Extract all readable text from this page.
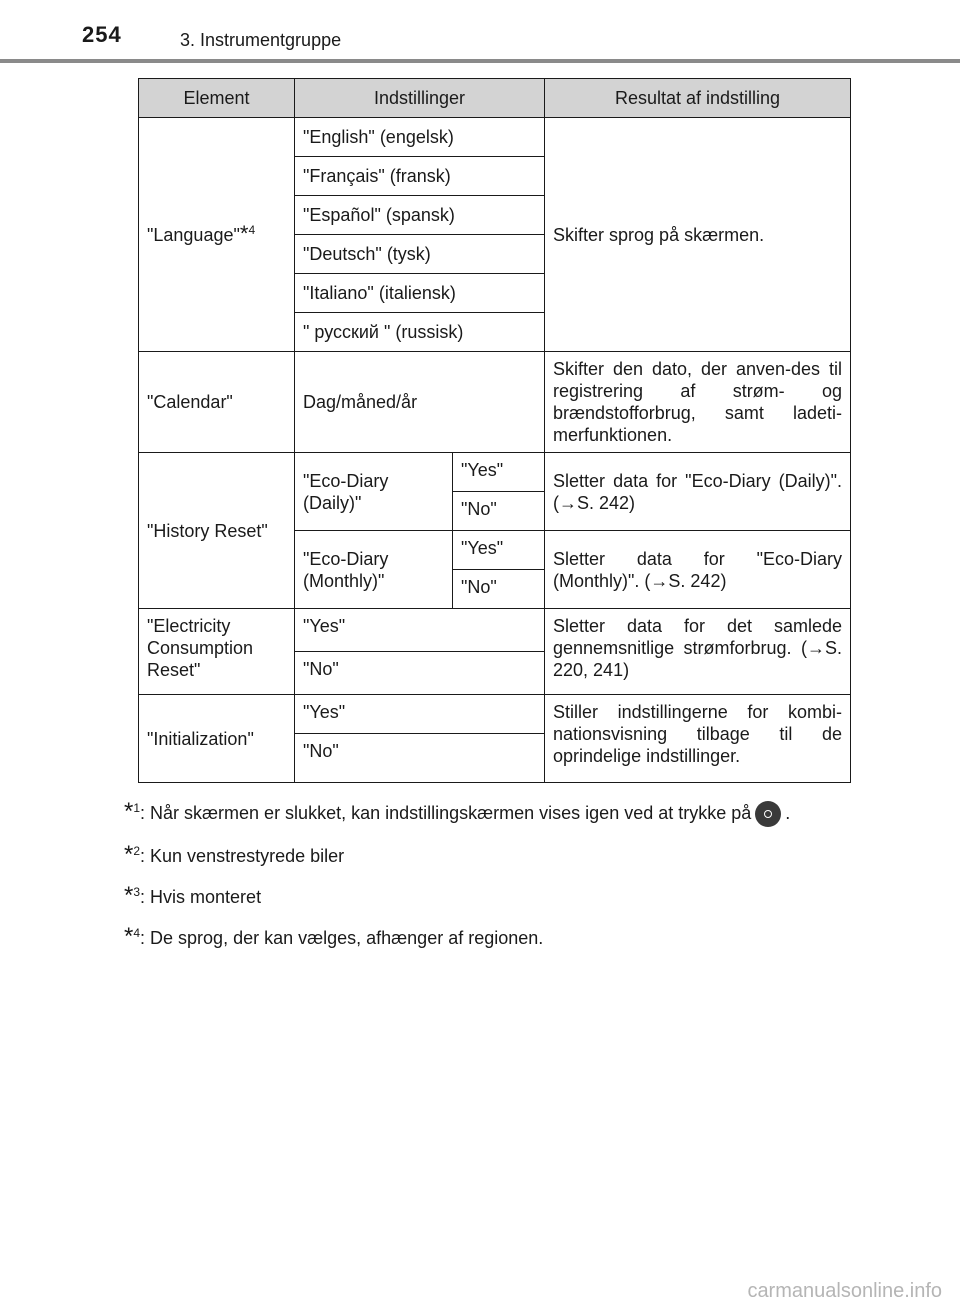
254	3. Instrumentgruppe
Element	Indstillinger		Resultat af indstilling
"Language"*$^4$	"English" (engelsk)		Skifter sprog på skærmen.
	"Français" (fransk)		
	"Español" (spansk)		
	"Deutsch" (tysk)		
	"Italiano" (italiensk)		
	" русский " (russisk)		
"Calendar"	Dag/måned/år		Skifter den dato, der anven-des til registrering af strøm- og brændstofforbrug, samt ladeti-merfunktionen.
"History Reset"	"Eco-Diary (Daily)"	"Yes"	Sletter data for "Eco-Diary (Daily)". (→S. 242)
		"No"	
	"Eco-Diary (Monthly)"	"Yes"	Sletter data for "Eco-Diary (Monthly)". (→S. 242)
		"No"	
"Electricity Consumption Reset"	"Yes"		Sletter data for det samlede gennemsnitlige strømforbrug. (→S. 220, 241)
	"No"		
"Initialization"	"Yes"		Stiller indstillingerne for kombi-nationsvisning tilbage til de oprindelige indstillinger.
	"No"		
*$^1$: Når skærmen er slukket, kan indstillingskærmen vises igen ved at trykke på .
*$^2$: Kun venstrestyrede biler
*$^3$: Hvis monteret
*$^4$: De sprog, der kan vælges, afhænger af regionen.
carmanualsonline.info
